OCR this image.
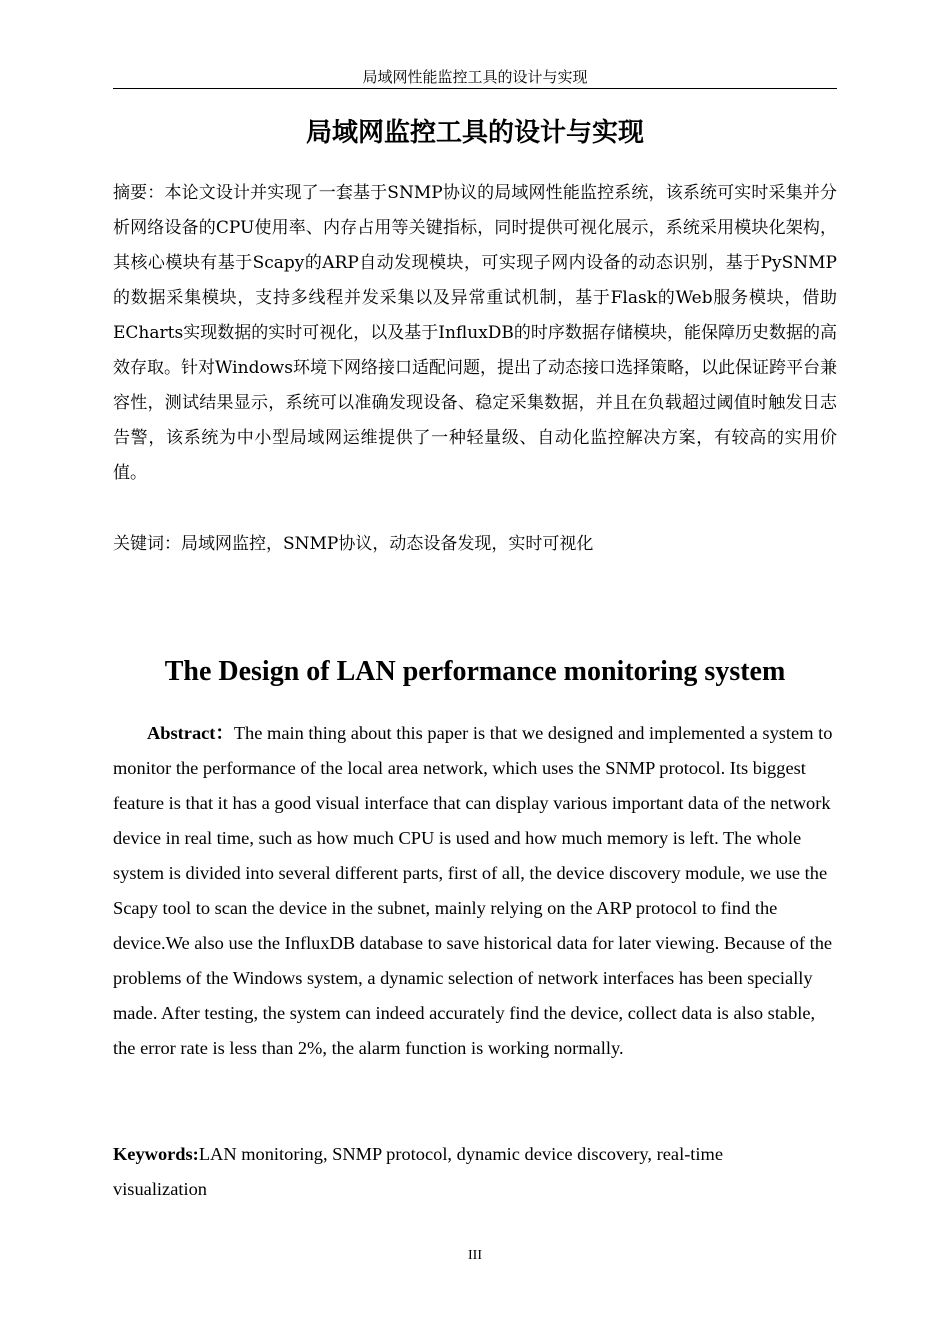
局域网性能监控工具的设计与实现
局域网监控工具的设计与实现
摘要：本论文设计并实现了一套基于SNMP协议的局域网性能监控系统，该系统可实时采集并分析网络设备的CPU使用率、内存占用等关键指标，同时提供可视化展示，系统采用模块化架构，其核心模块有基于Scapy的ARP自动发现模块，可实现子网内设备的动态识别，基于PySNMP的数据采集模块，支持多线程并发采集以及异常重试机制，基于Flask的Web服务模块，借助ECharts实现数据的实时可视化，以及基于InfluxDB的时序数据存储模块，能保障历史数据的高效存取。针对Windows环境下网络接口适配问题，提出了动态接口选择策略，以此保证跨平台兼容性，测试结果显示，系统可以准确发现设备、稳定采集数据，并且在负载超过阈值时触发日志告警，该系统为中小型局域网运维提供了一种轻量级、自动化监控解决方案，有较高的实用价值。
关键词：局域网监控，SNMP协议，动态设备发现，实时可视化
The Design of LAN performance monitoring system
Abstract：The main thing about this paper is that we designed and implemented a system to monitor the performance of the local area network, which uses the SNMP protocol. Its biggest feature is that it has a good visual interface that can display various important data of the network device in real time, such as how much CPU is used and how much memory is left. The whole system is divided into several different parts, first of all, the device discovery module, we use the Scapy tool to scan the device in the subnet, mainly relying on the ARP protocol to find the device.We also use the InfluxDB database to save historical data for later viewing. Because of the problems of the Windows system, a dynamic selection of network interfaces has been specially made. After testing, the system can indeed accurately find the device, collect data is also stable, the error rate is less than 2%, the alarm function is working normally.
Keywords:LAN monitoring, SNMP protocol, dynamic device discovery, real-time visualization
III
